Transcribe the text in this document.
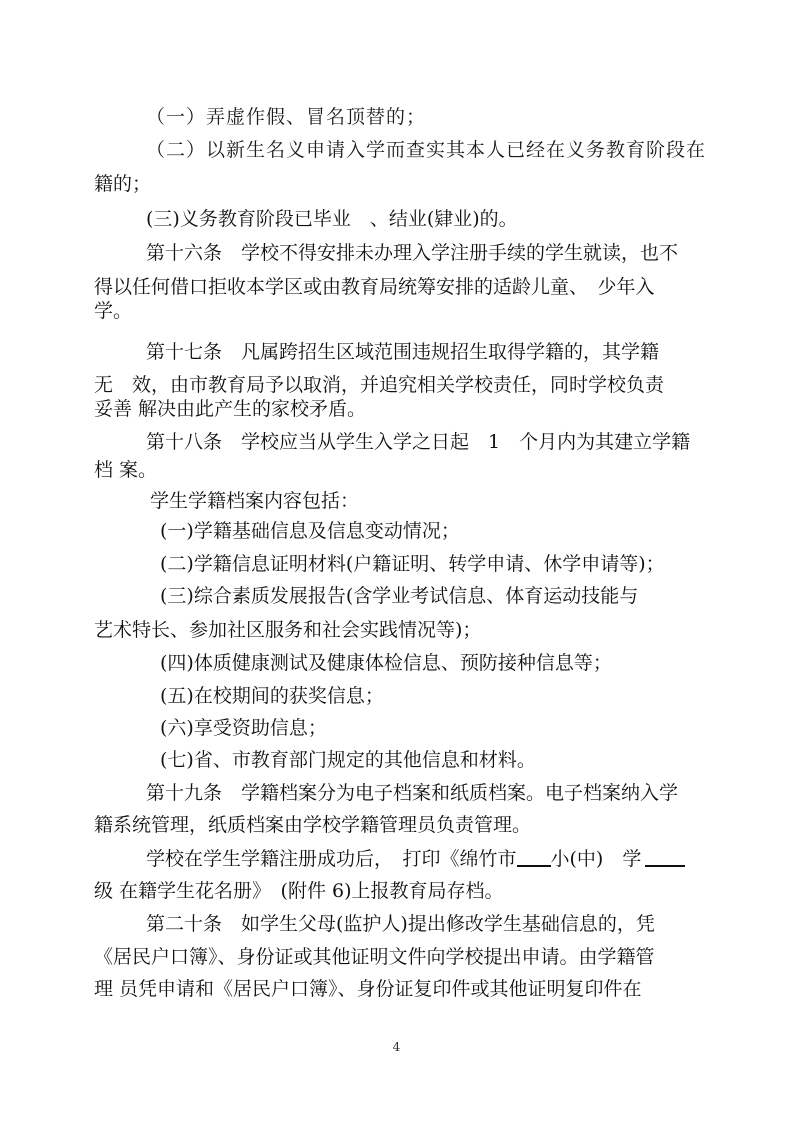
（一）弄虚作假、冒名顶替的；
（二）以新生名义申请入学而查实其本人已经在义务教育阶段在
籍的；
(三)义务教育阶段已毕业　、结业(肄业)的。
第十六条　学校不得安排未办理入学注册手续的学生就读，也不
得以任何借口拒收本学区或由教育局统筹安排的适龄儿童、　少年入
学。
第十七条　凡属跨招生区域范围违规招生取得学籍的，其学籍
无　效，由市教育局予以取消，并追究相关学校责任，同时学校负责
妥善 解决由此产生的家校矛盾。
第十八条　学校应当从学生入学之日起　1　个月内为其建立学籍
档 案。
学生学籍档案内容包括：
(一)学籍基础信息及信息变动情况；
(二)学籍信息证明材料(户籍证明、转学申请、休学申请等)；
(三)综合素质发展报告(含学业考试信息、体育运动技能与
艺术特长、参加社区服务和社会实践情况等)；
(四)体质健康测试及健康体检信息、预防接种信息等；
(五)在校期间的获奖信息；
(六)享受资助信息；
(七)省、市教育部门规定的其他信息和材料。
第十九条　学籍档案分为电子档案和纸质档案。电子档案纳入学
籍系统管理，纸质档案由学校学籍管理员负责管理。
学校在学生学籍注册成功后，　打印《绵竹市 小(中)　学
级 在籍学生花名册》　(附件 6)上报教育局存档。
第二十条　如学生父母(监护人)提出修改学生基础信息的，凭
《居民户口簿》、身份证或其他证明文件向学校提出申请。由学籍管
理 员凭申请和《居民户口簿》、身份证复印件或其他证明复印件在
4
